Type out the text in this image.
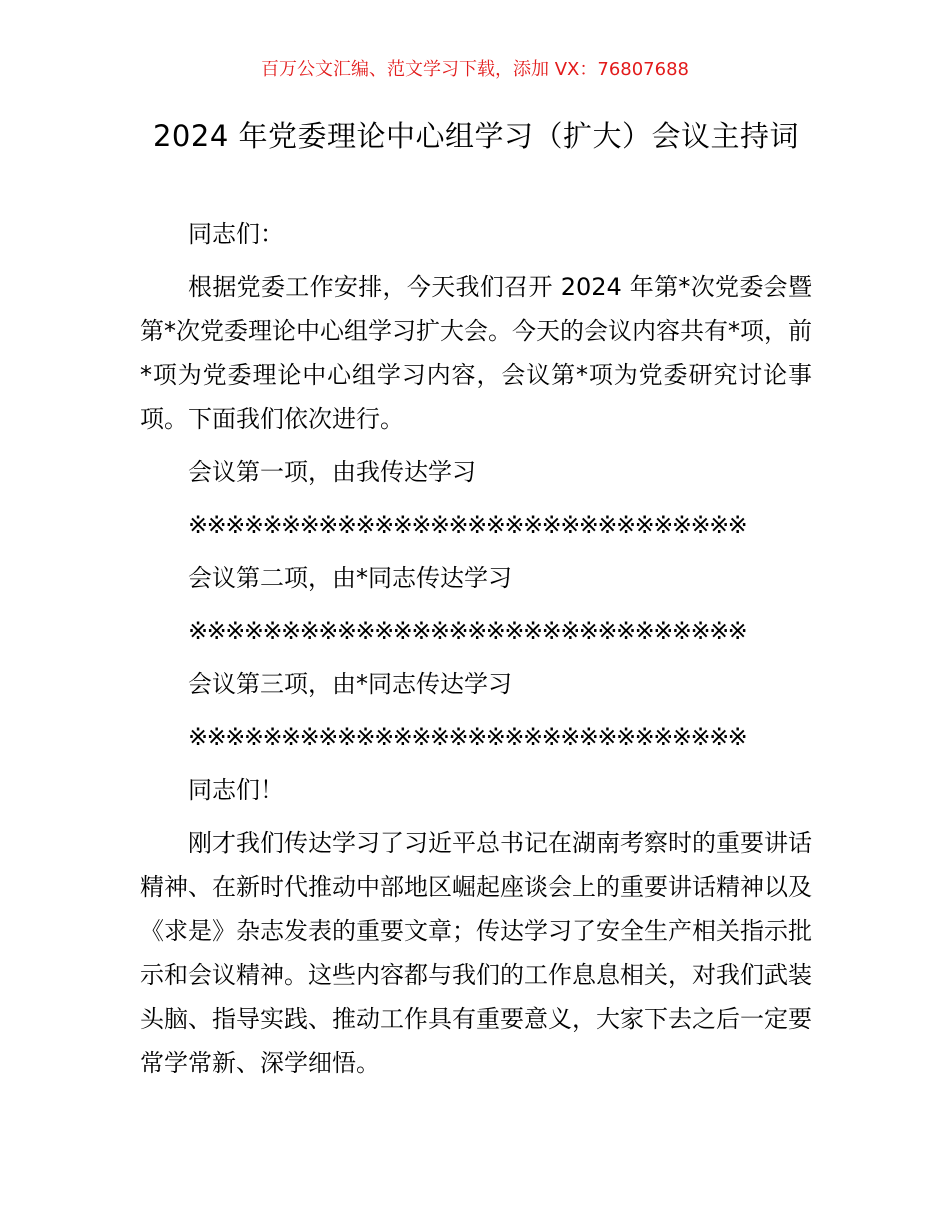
百万公文汇编、范文学习下载，添加 VX：76807688
2024 年党委理论中心组学习（扩大）会议主持词

同志们：

根据党委工作安排，今天我们召开 2024 年第*次党委会暨第*次党委理论中心组学习扩大会。今天的会议内容共有*项，前*项为党委理论中心组学习内容，会议第*项为党委研究讨论事项。下面我们依次进行。

会议第一项，由我传达学习

※※※※※※※※※※※※※※※※※※※※※※※※※※※※※※

会议第二项，由*同志传达学习

※※※※※※※※※※※※※※※※※※※※※※※※※※※※※※

会议第三项，由*同志传达学习

※※※※※※※※※※※※※※※※※※※※※※※※※※※※※※

同志们！

刚才我们传达学习了习近平总书记在湖南考察时的重要讲话精神、在新时代推动中部地区崛起座谈会上的重要讲话精神以及《求是》杂志发表的重要文章；传达学习了安全生产相关指示批示和会议精神。这些内容都与我们的工作息息相关，对我们武装头脑、指导实践、推动工作具有重要意义，大家下去之后一定要常学常新、深学细悟。
